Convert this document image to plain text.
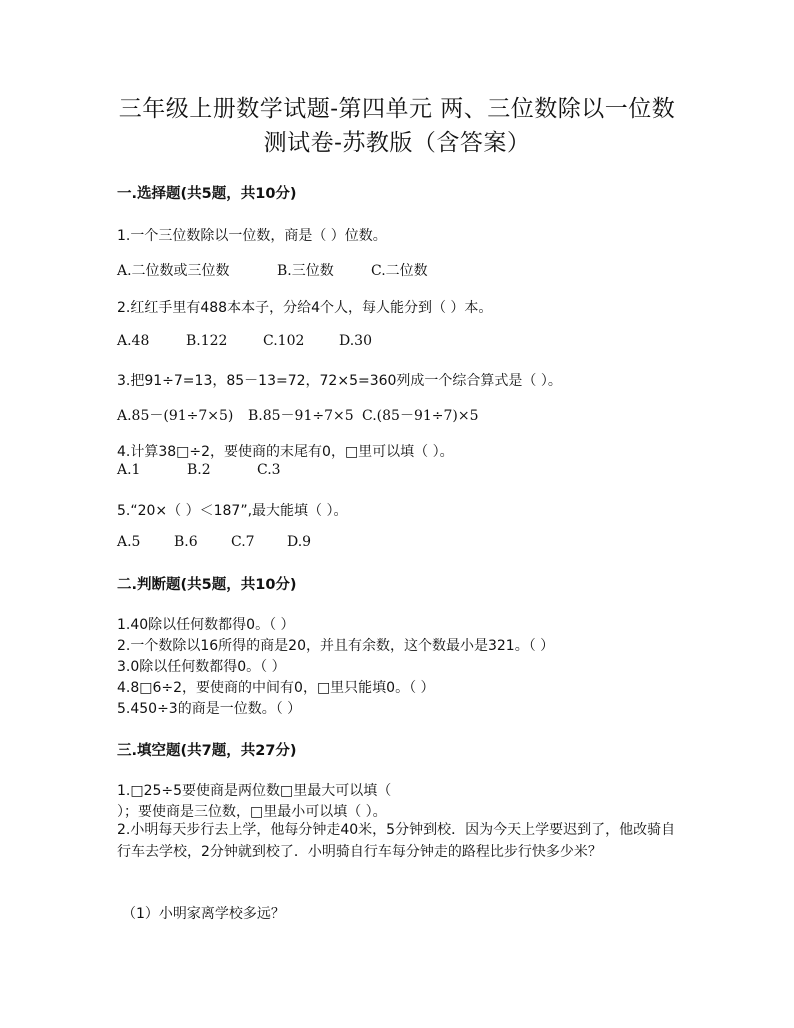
三年级上册数学试题-第四单元 两、三位数除以一位数
测试卷-苏教版（含答案）
一.选择题(共5题，共10分)
1.一个三位数除以一位数，商是（ ）位数。
A.二位数或三位数	B.三位数	C.二位数
2.红红手里有488本本子，分给4个人，每人能分到（ ）本。
A.48	B.122	C.102 D.30
3.把91÷7=13，85－13=72，72×5=360列成一个综合算式是（ ）。
A.85－(91÷7×5) B.85－91÷7×5 C.(85－91÷7)×5
4.计算38□÷2，要使商的末尾有0，□里可以填（ ）。
A.1	B.2	C.3
5.“20×（ ）＜187”,最大能填（ ）。
A.5 B.6 C.7 D.9
二.判断题(共5题，共10分)
1.40除以任何数都得0。（ ）
2.一个数除以16所得的商是20，并且有余数，这个数最小是321。（ ）
3.0除以任何数都得0。（ ）
4.8□6÷2，要使商的中间有0，□里只能填0。（ ）
5.450÷3的商是一位数。（ ）
三.填空题(共7题，共27分)
1.□25÷5要使商是两位数□里最大可以填（
）；要使商是三位数，□里最小可以填（ ）。
2.小明每天步行去上学，他每分钟走40米，5分钟到校．因为今天上学要迟到了，他改骑自行车去学校，2分钟就到校了．小明骑自行车每分钟走的路程比步行快多少米？
（1）小明家离学校多远？
